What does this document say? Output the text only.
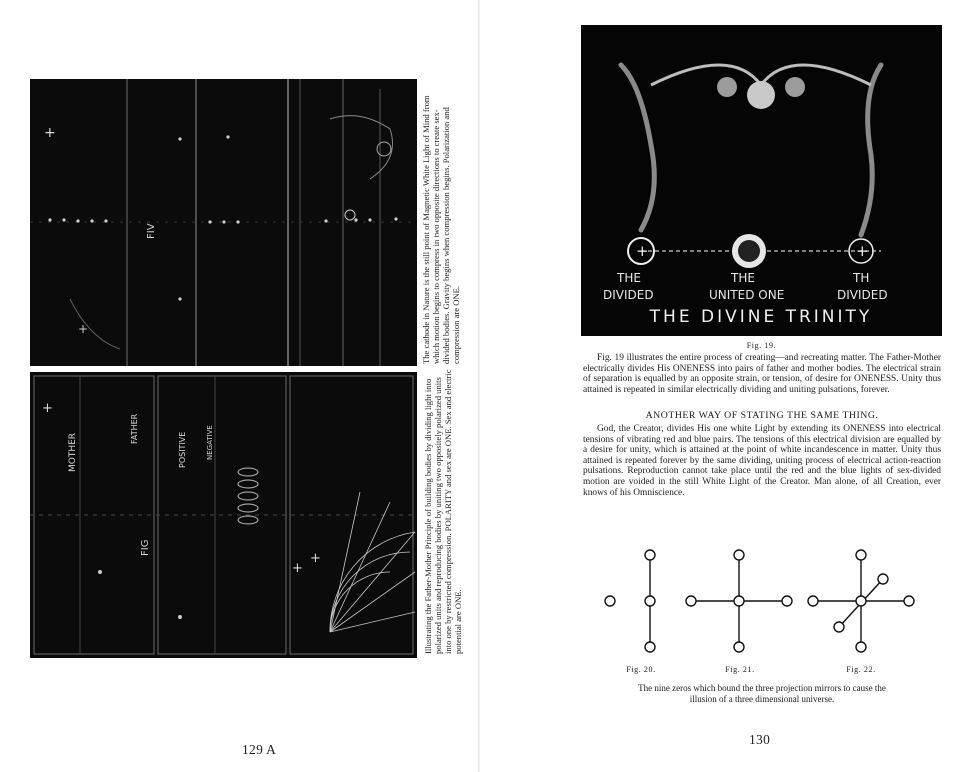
+
+
FIV	The cathode in Nature is the still point of Magnetic White Light of Mind from which motion begins to compress in two opposite directions to create sex-divided bodies. Gravity begins when compression begins. Polarization and compression are ONE.
+
+
+
MOTHER
FATHER
POSITIVE	NEGATIVE
FIG	Illustrating the Father-Mother Principle of building bodies by dividing light into polarized units and reproducing bodies by uniting two oppositely polarized units into one by restricted compression. POLARITY and sex are ONE. Sex and electric potential are ONE.
129 A
+	+
THE
DIVIDED
THE
UNITED ONE
TH
DIVIDED
THE DIVINE TRINITY
Fig. 19.
Fig. 19 illustrates the entire process of creating—and recreating matter. The Father-Mother electrically divides His ONENESS into pairs of father and mother bodies. The electrical strain of separation is equalled by an opposite strain, or tension, of desire for ONENESS. Unity thus attained is repeated in similar electrically dividing and uniting pulsations, forever.
ANOTHER WAY OF STATING THE SAME THING.
God, the Creator, divides His one white Light by extending its ONENESS into electrical tensions of vibrating red and blue pairs. The tensions of this electrical division are equalled by a desire for unity, which is attained at the point of white incandescence in matter. Unity thus attained is repeated forever by the same dividing, uniting process of electrical action-reaction pulsations. Reproduction cannot take place until the red and the blue lights of sex-divided motion are voided in the still White Light of the Creator. Man alone, of all Creation, ever knows of his Omniscience.
Fig. 20.	Fig. 21.	Fig. 22.
The nine zeros which bound the three projection mirrors to cause the
illusion of a three dimensional universe.
130
